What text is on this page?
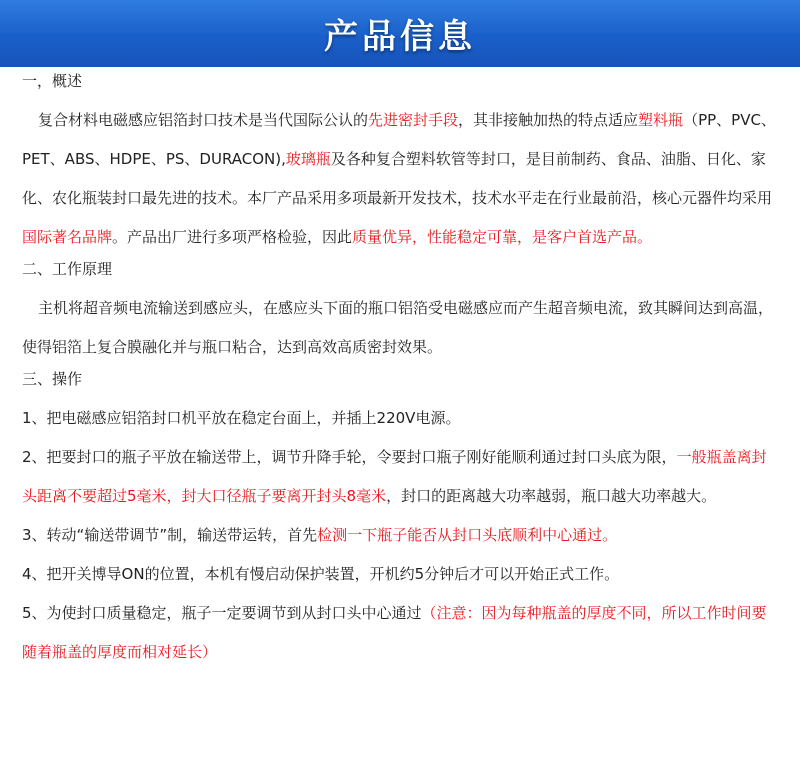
产品信息
一，概述
复合材料电磁感应铝箔封口技术是当代国际公认的先进密封手段，其非接触加热的特点适应塑料瓶（PP、PVC、PET、ABS、HDPE、PS、DURACON),玻璃瓶及各种复合塑料软管等封口，是目前制药、食品、油脂、日化、家化、农化瓶装封口最先进的技术。本厂产品采用多项最新开发技术，技术水平走在行业最前沿，核心元器件均采用国际著名品牌。产品出厂进行多项严格检验，因此质量优异，性能稳定可靠，是客户首选产品。
二、工作原理
主机将超音频电流输送到感应头，在感应头下面的瓶口铝箔受电磁感应而产生超音频电流，致其瞬间达到高温，使得铝箔上复合膜融化并与瓶口粘合，达到高效高质密封效果。
三、操作
1、把电磁感应铝箔封口机平放在稳定台面上，并插上220V电源。
2、把要封口的瓶子平放在输送带上，调节升降手轮，令要封口瓶子刚好能顺利通过封口头底为限，一般瓶盖离封头距离不要超过5毫米，封大口径瓶子要离开封头8毫米，封口的距离越大功率越弱，瓶口越大功率越大。
3、转动“输送带调节”制，输送带运转，首先检测一下瓶子能否从封口头底顺利中心通过。
4、把开关博导ON的位置，本机有慢启动保护装置，开机约5分钟后才可以开始正式工作。
5、为使封口质量稳定，瓶子一定要调节到从封口头中心通过（注意：因为每种瓶盖的厚度不同，所以工作时间要随着瓶盖的厚度而相对延长）
